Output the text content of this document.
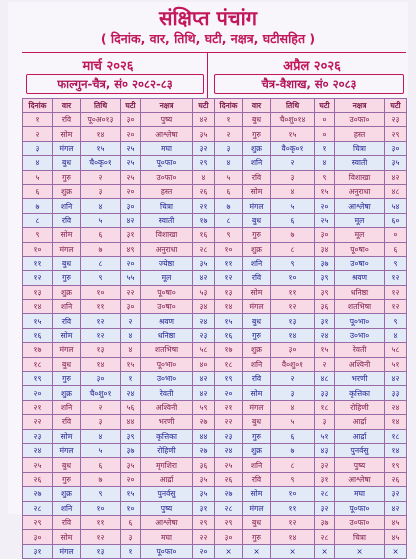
संक्षिप्त पंचांग
( दिनांक, वार, तिथि, घटी, नक्षत्र, घटीसहित )
मार्च २०२६	अप्रैल २०२६
फाल्गुन-चैत्र, सं० २०८२-८३	चैत्र-वैशाख, सं० २०८३
दिनांक	वार	तिथि	घटी	नक्षत्र	घटी
१	रवि	पू०अ०१३	३०	पुष्य	४२
२	सोम	१४	२०	आश्लेषा	३५
३	मंगल	१५	२५	मघा	३२
४	बुध	चै०कृ०१	२५	पू०फा०	२९
५	गुरु	२	२५	उ०फा०	४
६	शुक्र	३	२०	हस्त	२६
७	शनि	४	३०	चित्रा	२१
८	रवि	५	४२	स्वाती	१७
९	सोम	६	३१	विशाखा	१६
१०	मंगल	७	४९	अनुराधा	२८
११	बुध	८	२०	ज्येष्ठा	३५
१२	गुरु	९	५५	मूल	४२
१३	शुक्र	१०	२२	पू०षा०	५३
१४	शनि	११	३०	उ०षा०	३४
१५	रवि	१२	२	श्रवण	२४
१६	सोम	१२	४	धनिष्ठा	२३
१७	मंगल	१३	४	शतभिषा	५८
१८	बुध	१४	१५	पू०भा०	४०
१९	गुरु	३०	१	उ०भा०	४२
२०	शुक्र	चै०शु०१	२४	रेवती	४२
२१	शनि	२	५६	अश्विनी	५९
२२	रवि	३	४४	भरणी	२७
२३	सोम	४	३९	कृत्तिका	४४
२४	मंगल	५	३७	रोहिणी	२७
२५	बुध	६	३५	मृगशिरा	३६
२६	गुरु	७	२०	आर्द्रा	३५
२७	शुक्र	९	१५	पुनर्वसु	३५
२८	शनि	१०	१०	पुष्य	३१
२९	रवि	११	६	आश्लेषा	२९
३०	सोम	१२	३	मघा	२२
३१	मंगल	१३	१	पू०फा०	२०
दिनांक	वार	तिथि	घटी	नक्षत्र	घटी
१	बुध	चै०शु०१४	०	उ०फा०	२३
२	गुरु	१५	०	हस्त	२९
३	शुक्र	वै०कृ०१	१	चित्रा	३०
४	शनि	२	४	स्वाती	३५
५	रवि	३	९	विशाखा	४२
६	सोम	४	१५	अनुराधा	४८
७	मंगल	५	२०	आश्लेषा	५४
८	बुध	६	२५	मूल	६०
९	गुरु	७	३०	मूल	०
१०	शुक्र	८	३४	पू०षा०	६
११	शनि	९	३७	उ०षा०	९
१२	रवि	१०	३९	श्रवण	१२
१३	सोम	११	३९	धनिष्ठा	१२
१४	मंगल	१२	३६	शतभिषा	१२
१५	बुध	१३	३१	पू०भा०	९
१६	गुरु	१४	२४	उ०भा०	४
१७	शुक्र	३०	१५	रेवती	५८
१८	शनि	वै०शु०१	२	अश्विनी	५१
१९	रवि	२	४८	भरणी	४२
२०	सोम	३	३३	कृत्तिका	३३
२१	मंगल	४	१८	रोहिणी	२४
२२	बुध	५	३	आर्द्रा	१४
२३	गुरु	६	५१	आर्द्रा	१८
२४	शुक्र	७	४३	पुनर्वसु	१४
२५	शनि	८	३२	पुष्य	१९
२६	रवि	९	३१	आश्लेषा	२६
२७	सोम	१०	२८	मघा	३२
२८	मंगल	११	३२	पू०फा०	४२
२९	बुध	१२	३७	उ०फा०	४५
३०	गुरु	१४	२८	चित्रा	४५
×	×	×	×	×	×
